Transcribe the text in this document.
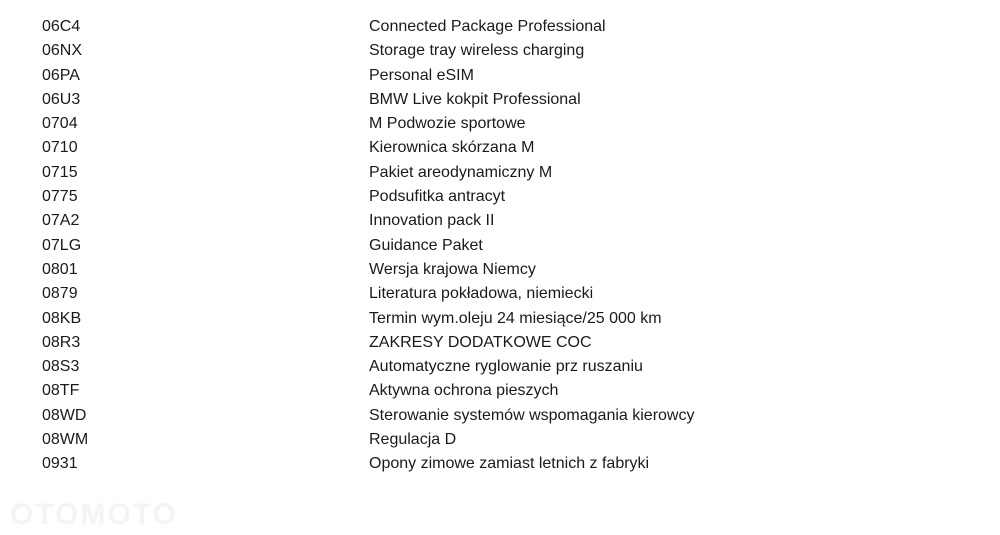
06C4	Connected Package Professional
06NX	Storage tray wireless charging
06PA	Personal eSIM
06U3	BMW Live kokpit Professional
0704	M Podwozie sportowe
0710	Kierownica skórzana M
0715	Pakiet areodynamiczny M
0775	Podsufitka antracyt
07A2	Innovation pack II
07LG	Guidance Paket
0801	Wersja krajowa Niemcy
0879	Literatura pokładowa, niemiecki
08KB	Termin wym.oleju 24 miesiące/25 000 km
08R3	ZAKRESY DODATKOWE COC
08S3	Automatyczne ryglowanie prz ruszaniu
08TF	Aktywna ochrona pieszych
08WD	Sterowanie systemów wspomagania kierowcy
08WM	Regulacja D
0931	Opony zimowe zamiast letnich z fabryki
OTOMOTO
